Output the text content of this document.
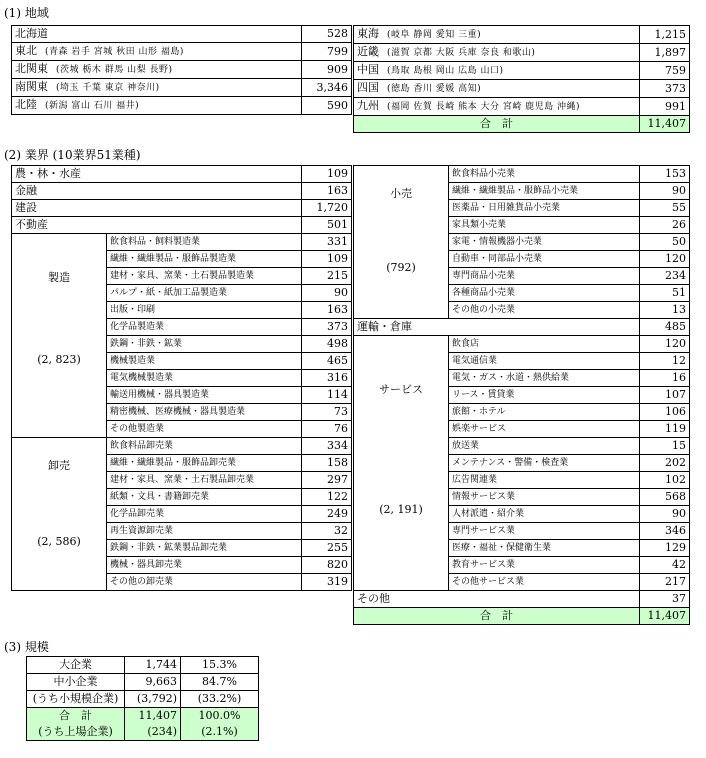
(1) 地域
北海道	528
東北 (青森 岩手 宮城 秋田 山形 福島)	799
北関東 (茨城 栃木 群馬 山梨 長野)	909
南関東 (埼玉 千葉 東京 神奈川)	3,346
北陸 (新潟 富山 石川 福井)	590
東海 (岐阜 静岡 愛知 三重)	1,215
近畿 (滋賀 京都 大阪 兵庫 奈良 和歌山)	1,897
中国 (鳥取 島根 岡山 広島 山口)	759
四国 (徳島 香川 愛媛 高知)	373
九州 (福岡 佐賀 長崎 熊本 大分 宮崎 鹿児島 沖縄)	991
合　計	11,407
(2) 業界 (10業界51業種)
農・林・水産		109
金融		163
建設		1,720
不動産		501

製造
(2, 823)	飲食料品・飼料製造業	331
	繊維・繊維製品・服飾品製造業	109
	建材・家具、窯業・土石製品製造業	215
	パルプ・紙・紙加工品製造業	90
	出版・印刷	163
	化学品製造業	373
	鉄鋼・非鉄・鉱業	498
	機械製造業	465
	電気機械製造業	316
	輸送用機械・器具製造業	114
	精密機械、医療機械・器具製造業	73
	その他製造業	76

卸売
(2, 586)	飲食料品卸売業	334
	繊維・繊維製品・服飾品卸売業	158
	建材・家具、窯業・土石製品卸売業	297
	紙類・文具・書籍卸売業	122
	化学品卸売業	249
	再生資源卸売業	32
	鉄鋼・非鉄・鉱業製品卸売業	255
	機械・器具卸売業	820
	その他の卸売業	319
小売
(792)	飲食料品小売業	153
	繊維・繊維製品・服飾品小売業	90
	医薬品・日用雑貨品小売業	55
	家具類小売業	26
	家電・情報機器小売業	50
	自動車・同部品小売業	120
	専門商品小売業	234
	各種商品小売業	51
	その他の小売業	13
運輸・倉庫		485

サービス
(2, 191)	飲食店	120
	電気通信業	12
	電気・ガス・水道・熱供給業	16
	リース・賃貸業	107
	旅館・ホテル	106
	娯楽サービス	119
	放送業	15
	メンテナンス・警備・検査業	202
	広告関連業	102
	情報サービス業	568
	人材派遣・紹介業	90
	専門サービス業	346
	医療・福祉・保健衛生業	129
	教育サービス業	42
	その他サービス業	217
その他		37
合　計		11,407
(3) 規模
大企業	1,744	15.3%
中小企業	9,663	84.7%
(うち小規模企業)	(3,792)	(33.2%)
合　計	11,407	100.0%
(うち上場企業)	(234)	(2.1%)
